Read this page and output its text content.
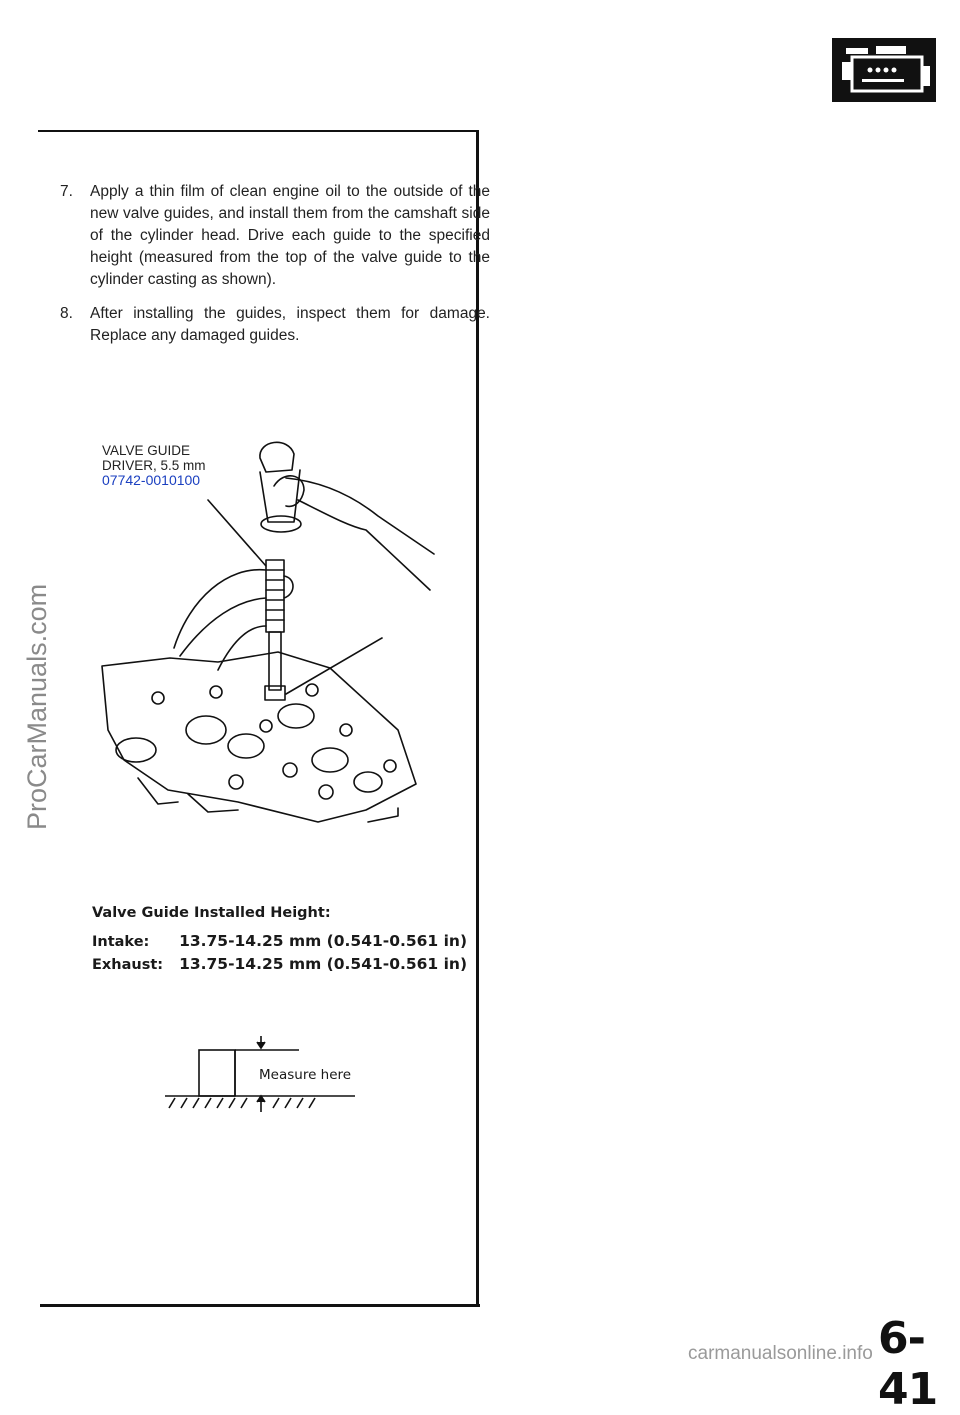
7. Apply a thin film of clean engine oil to the outside of the new valve guides, and install them from the camshaft side of the cylinder head. Drive each guide to the specified height (measured from the top of the valve guide to the cylinder casting as shown).
8. After installing the guides, inspect them for damage. Replace any damaged guides.
VALVE GUIDE
DRIVER, 5.5 mm
07742-0010100
Valve Guide Installed Height:
Intake: 13.75-14.25 mm (0.541-0.561 in)
Exhaust: 13.75-14.25 mm (0.541-0.561 in)
Measure here
ProCarManuals.com
6-41
carmanualsonline.info
